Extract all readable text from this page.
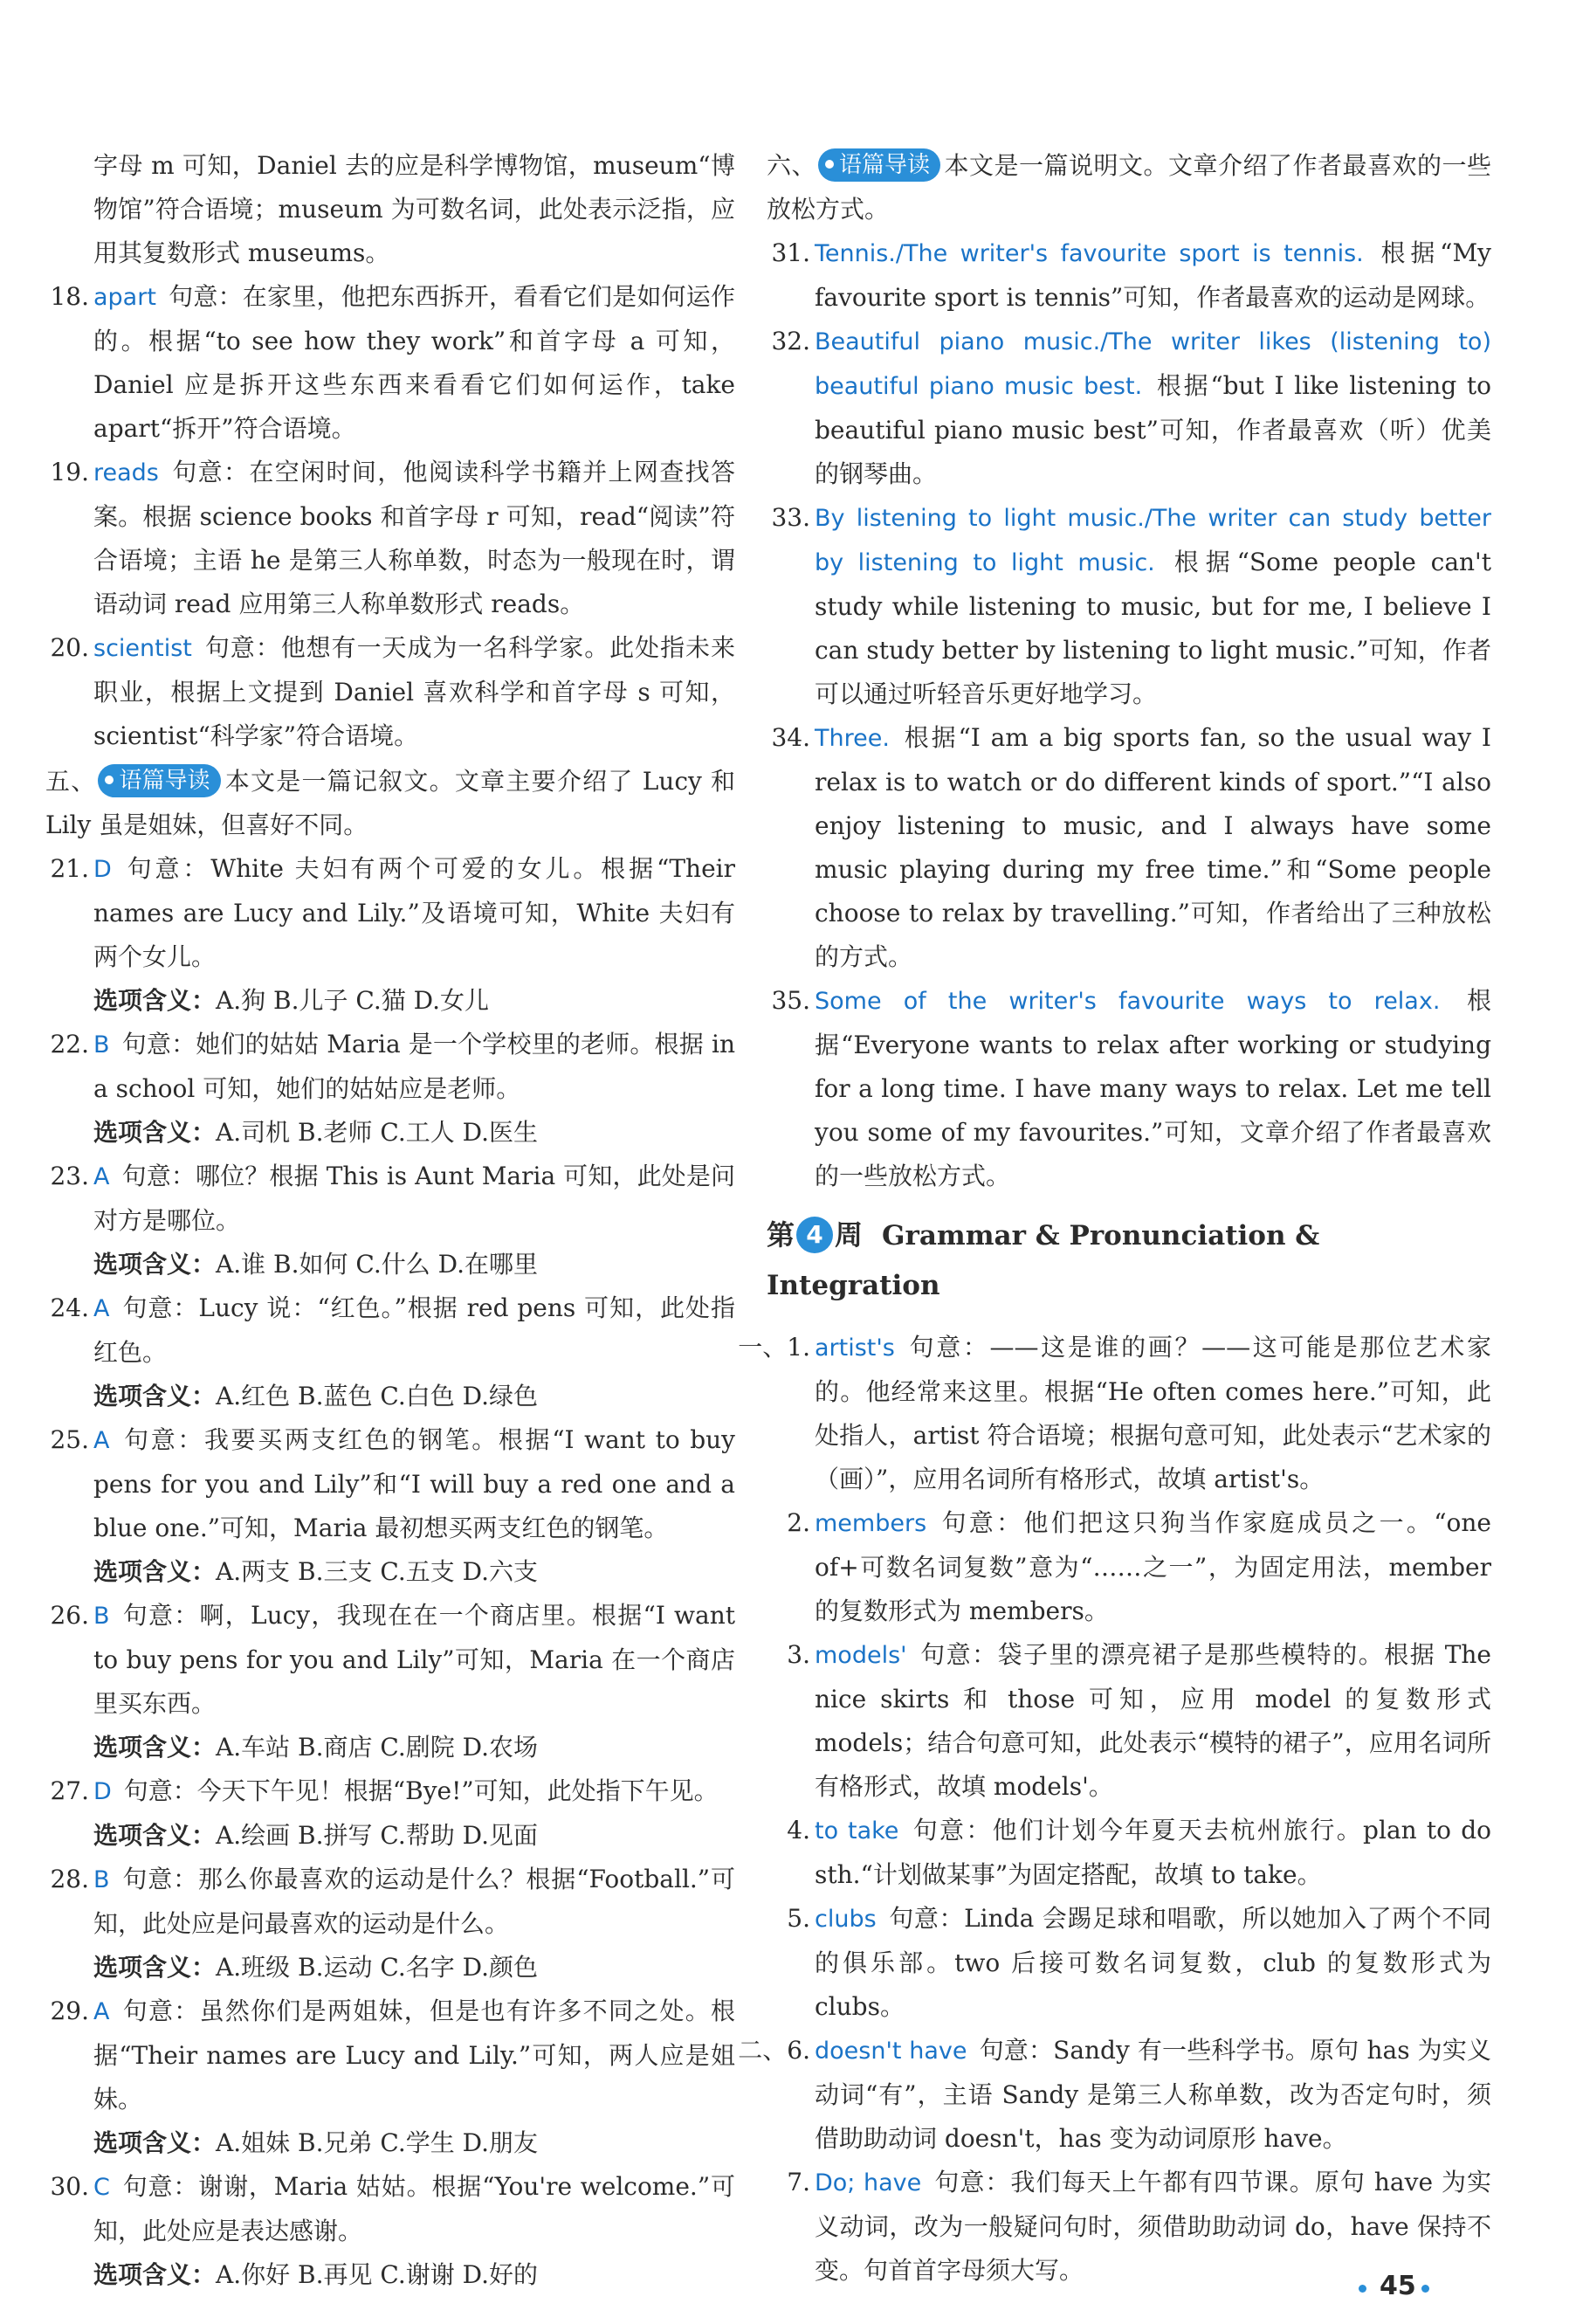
字母 m 可知，Daniel 去的应是科学博物馆，museum“博物馆”符合语境；museum 为可数名词，此处表示泛指，应用其复数形式 museums。
18. apart 句意：在家里，他把东西拆开，看看它们是如何运作的。根据“to see how they work”和首字母 a 可知，Daniel 应是拆开这些东西来看看它们如何运作，take apart“拆开”符合语境。
19. reads 句意：在空闲时间，他阅读科学书籍并上网查找答案。根据 science books 和首字母 r 可知，read“阅读”符合语境；主语 he 是第三人称单数，时态为一般现在时，谓语动词 read 应用第三人称单数形式 reads。
20. scientist 句意：他想有一天成为一名科学家。此处指未来职业，根据上文提到 Daniel 喜欢科学和首字母 s 可知，scientist“科学家”符合语境。
五、 语篇导读 本文是一篇记叙文。文章主要介绍了 Lucy 和 Lily 虽是姐妹，但喜好不同。
21. D 句意：White 夫妇有两个可爱的女儿。根据“Their names are Lucy and Lily.”及语境可知，White 夫妇有两个女儿。
选项含义：A.狗 B.儿子 C.猫 D.女儿
22. B 句意：她们的姑姑 Maria 是一个学校里的老师。根据 in a school 可知，她们的姑姑应是老师。
选项含义：A.司机 B.老师 C.工人 D.医生
23. A 句意：哪位？根据 This is Aunt Maria 可知，此处是问对方是哪位。
选项含义：A.谁 B.如何 C.什么 D.在哪里
24. A 句意：Lucy 说：“红色。”根据 red pens 可知，此处指红色。
选项含义：A.红色 B.蓝色 C.白色 D.绿色
25. A 句意：我要买两支红色的钢笔。根据“I want to buy pens for you and Lily”和“I will buy a red one and a blue one.”可知，Maria 最初想买两支红色的钢笔。
选项含义：A.两支 B.三支 C.五支 D.六支
26. B 句意：啊，Lucy，我现在在一个商店里。根据“I want to buy pens for you and Lily”可知，Maria 在一个商店里买东西。
选项含义：A.车站 B.商店 C.剧院 D.农场
27. D 句意：今天下午见！根据“Bye!”可知，此处指下午见。
选项含义：A.绘画 B.拼写 C.帮助 D.见面
28. B 句意：那么你最喜欢的运动是什么？根据“Football.”可知，此处应是问最喜欢的运动是什么。
选项含义：A.班级 B.运动 C.名字 D.颜色
29. A 句意：虽然你们是两姐妹，但是也有许多不同之处。根据“Their names are Lucy and Lily.”可知，两人应是姐妹。
选项含义：A.姐妹 B.兄弟 C.学生 D.朋友
30. C 句意：谢谢，Maria 姑姑。根据“You're welcome.”可知，此处应是表达感谢。
选项含义：A.你好 B.再见 C.谢谢 D.好的
六、 语篇导读 本文是一篇说明文。文章介绍了作者最喜欢的一些放松方式。
31. Tennis./The writer's favourite sport is tennis. 根据“My favourite sport is tennis”可知，作者最喜欢的运动是网球。
32. Beautiful piano music./The writer likes (listening to) beautiful piano music best. 根据“but I like listening to beautiful piano music best”可知，作者最喜欢（听）优美的钢琴曲。
33. By listening to light music./The writer can study better by listening to light music. 根据“Some people can't study while listening to music, but for me, I believe I can study better by listening to light music.”可知，作者可以通过听轻音乐更好地学习。
34. Three. 根据“I am a big sports fan, so the usual way I relax is to watch or do different kinds of sport.”“I also enjoy listening to music, and I always have some music playing during my free time.”和“Some people choose to relax by travelling.”可知，作者给出了三种放松的方式。
35. Some of the writer's favourite ways to relax. 根据“Everyone wants to relax after working or studying for a long time. I have many ways to relax. Let me tell you some of my favourites.”可知，文章介绍了作者最喜欢的一些放松方式。
第 4 周 Grammar & Pronunciation & Integration
一、1. artist's 句意：——这是谁的画？——这可能是那位艺术家的。他经常来这里。根据“He often comes here.”可知，此处指人，artist 符合语境；根据句意可知，此处表示“艺术家的（画）”，应用名词所有格形式，故填 artist's。
2. members 句意：他们把这只狗当作家庭成员之一。“one of+可数名词复数”意为“……之一”，为固定用法，member 的复数形式为 members。
3. models' 句意：袋子里的漂亮裙子是那些模特的。根据 The nice skirts 和 those 可知，应用 model 的复数形式 models；结合句意可知，此处表示“模特的裙子”，应用名词所有格形式，故填 models'。
4. to take 句意：他们计划今年夏天去杭州旅行。plan to do sth.“计划做某事”为固定搭配，故填 to take。
5. clubs 句意：Linda 会踢足球和唱歌，所以她加入了两个不同的俱乐部。two 后接可数名词复数，club 的复数形式为 clubs。
二、6. doesn't have 句意：Sandy 有一些科学书。原句 has 为实义动词“有”，主语 Sandy 是第三人称单数，改为否定句时，须借助助动词 doesn't，has 变为动词原形 have。
7. Do; have 句意：我们每天上午都有四节课。原句 have 为实义动词，改为一般疑问句时，须借助助动词 do，have 保持不变。句首首字母须大写。
45
